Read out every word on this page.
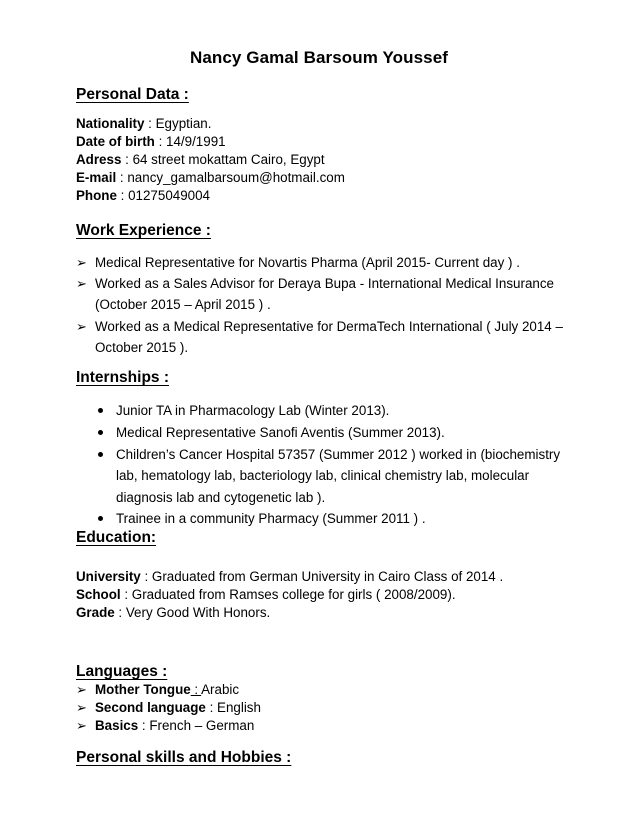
Nancy Gamal Barsoum Youssef
Personal Data :
Nationality : Egyptian.
Date of birth : 14/9/1991
Adress : 64 street mokattam Cairo, Egypt
E-mail : nancy_gamalbarsoum@hotmail.com
Phone : 01275049004
Work Experience :
➢ Medical Representative for Novartis Pharma (April 2015- Current day ) .
➢ Worked as a Sales Advisor for Deraya Bupa - International Medical Insurance
(October 2015 – April 2015 ) .
➢ Worked as a Medical Representative for DermaTech International ( July 2014 –
October 2015 ).
Internships :
Junior TA in Pharmacology Lab (Winter 2013).
Medical Representative Sanofi Aventis (Summer 2013).
Children’s Cancer Hospital 57357 (Summer 2012 ) worked in (biochemistry
lab, hematology lab, bacteriology lab, clinical chemistry lab, molecular
diagnosis lab and cytogenetic lab ).
Trainee in a community Pharmacy (Summer 2011 ) .
Education:
University : Graduated from German University in Cairo Class of 2014 .
School : Graduated from Ramses college for girls ( 2008/2009).
Grade : Very Good With Honors.
Languages :
➢ Mother Tongue : Arabic
➢ Second language : English
➢ Basics : French – German
Personal skills and Hobbies :
